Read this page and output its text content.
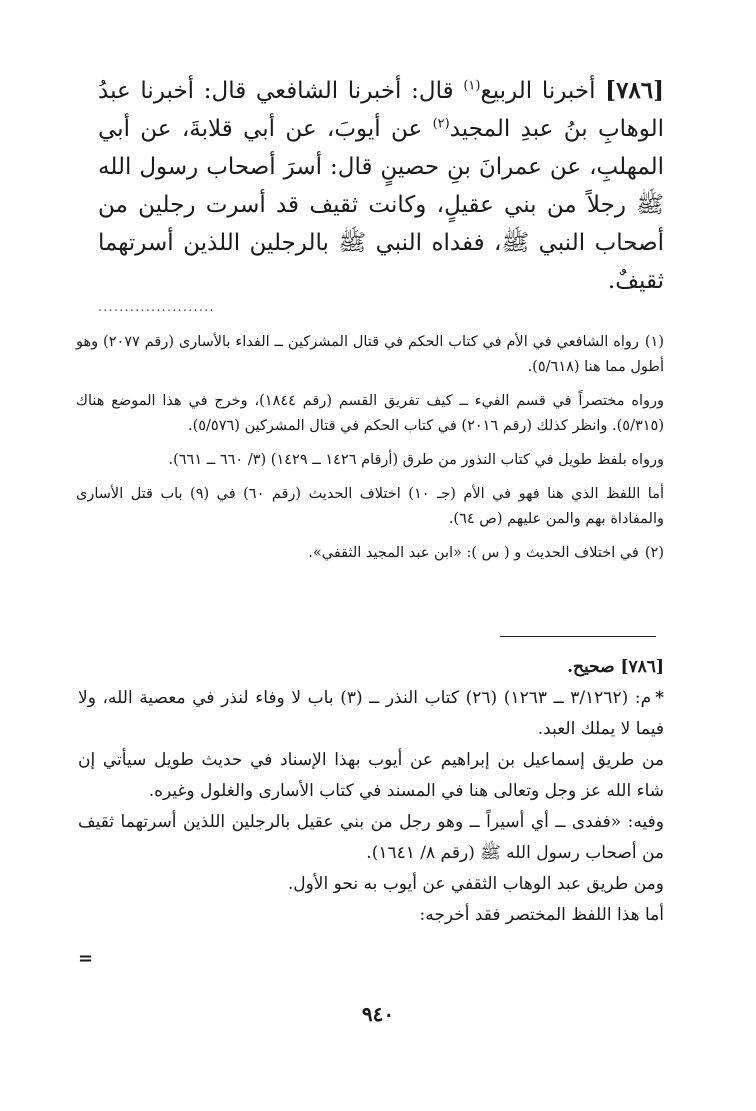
[٧٨٦] أخبرنا الربيع$^{(١)}$ قال: أخبرنا الشافعي قال: أخبرنا عبدُ الوهابِ بنُ عبدِ المجيد$^{(٢)}$ عن أيوبَ، عن أبي قلابةَ، عن أبي المهلبِ، عن عمرانَ بنِ حصينٍ قال: أسرَ أصحاب رسول الله ﷺ رجلاً من بني عقيلٍ، وكانت ثقيف قد أسرت رجلين من أصحاب النبي ﷺ، ففداه النبي ﷺ بالرجلين اللذين أسرتهما ثقيفٌ.

......................

(١)رواه الشافعي في الأم في كتاب الحكم في قتال المشركين ــ الفداء بالأسارى (رقم ٢٠٧٧) وهو أطول مما هنا (٥/٦١٨).

ورواه مختصراً في قسم الفيء ــ كيف تفريق القسم (رقم ١٨٤٤)، وخرج في هذا الموضع هناك (٥/٣١٥). وانظر كذلك (رقم ٢٠١٦) في كتاب الحكم في قتال المشركين (٥/٥٧٦).

ورواه بلفظ طويل في كتاب النذور من طرق (أرقام ١٤٢٦ ــ ١٤٢٩) (٣/ ٦٦٠ ــ ٦٦١).

أما اللفظ الذي هنا فهو في الأم (جـ ١٠) اختلاف الحديث (رقم ٦٠) في (٩) باب قتل الأسارى والمفاداة بهم والمن عليهم (ص ٦٤).

(٢)في اختلاف الحديث و ( س ): «ابن عبد المجيد الثقفي».

[٧٨٦] صحيح.

*م: (٣/١٢٦٢ ــ ١٢٦٣) (٢٦) كتاب النذر ــ (٣) باب لا وفاء لنذر في معصية الله، ولا فيما لا يملك العبد.

من طريق إسماعيل بن إبراهيم عن أيوب بهذا الإسناد في حديث طويل سيأتي إن شاء الله عز وجل وتعالى هنا في المسند في كتاب الأسارى والغلول وغيره.

وفيه: «ففدى ــ أي أسيراً ــ وهو رجل من بني عقيل بالرجلين اللذين أسرتهما ثقيف من أصحاب رسول الله ﷺ (رقم ٨/ ١٦٤١).

ومن طريق عبد الوهاب الثقفي عن أيوب به نحو الأول.

أما هذا اللفظ المختصر فقد أخرجه:

=
٩٤٠
